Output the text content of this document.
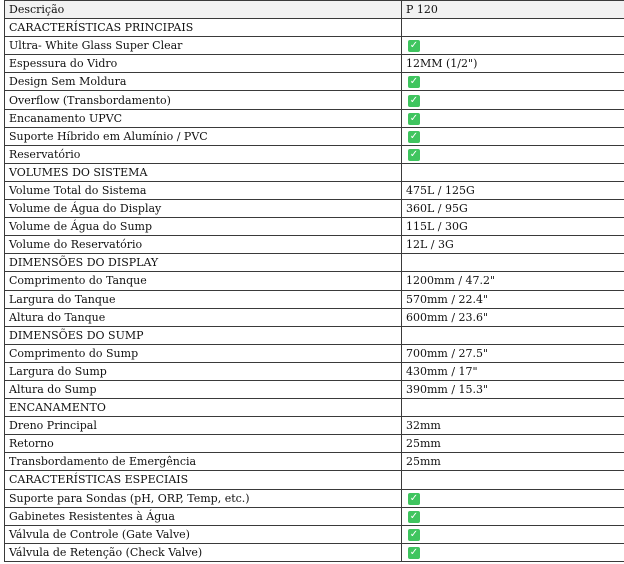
Descrição	P 120
CARACTERÍSTICAS PRINCIPAIS	
Ultra- White Glass Super Clear	✓
Espessura do Vidro	12MM (1/2")
Design Sem Moldura	✓
Overflow (Transbordamento)	✓
Encanamento UPVC	✓
Suporte Híbrido em Alumínio / PVC	✓
Reservatório	✓
VOLUMES DO SISTEMA	
Volume Total do Sistema	475L / 125G
Volume de Água do Display	360L / 95G
Volume de Água do Sump	115L / 30G
Volume do Reservatório	12L / 3G
DIMENSÕES DO DISPLAY	
Comprimento do Tanque	1200mm / 47.2"
Largura do Tanque	570mm / 22.4"
Altura do Tanque	600mm / 23.6"
DIMENSÕES DO SUMP	
Comprimento do Sump	700mm / 27.5"
Largura do Sump	430mm / 17"
Altura do Sump	390mm / 15.3"
ENCANAMENTO	
Dreno Principal	32mm
Retorno	25mm
Transbordamento de Emergência	25mm
CARACTERÍSTICAS ESPECIAIS	
Suporte para Sondas (pH, ORP, Temp, etc.)	✓
Gabinetes Resistentes à Água	✓
Válvula de Controle (Gate Valve)	✓
Válvula de Retenção (Check Valve)	✓
